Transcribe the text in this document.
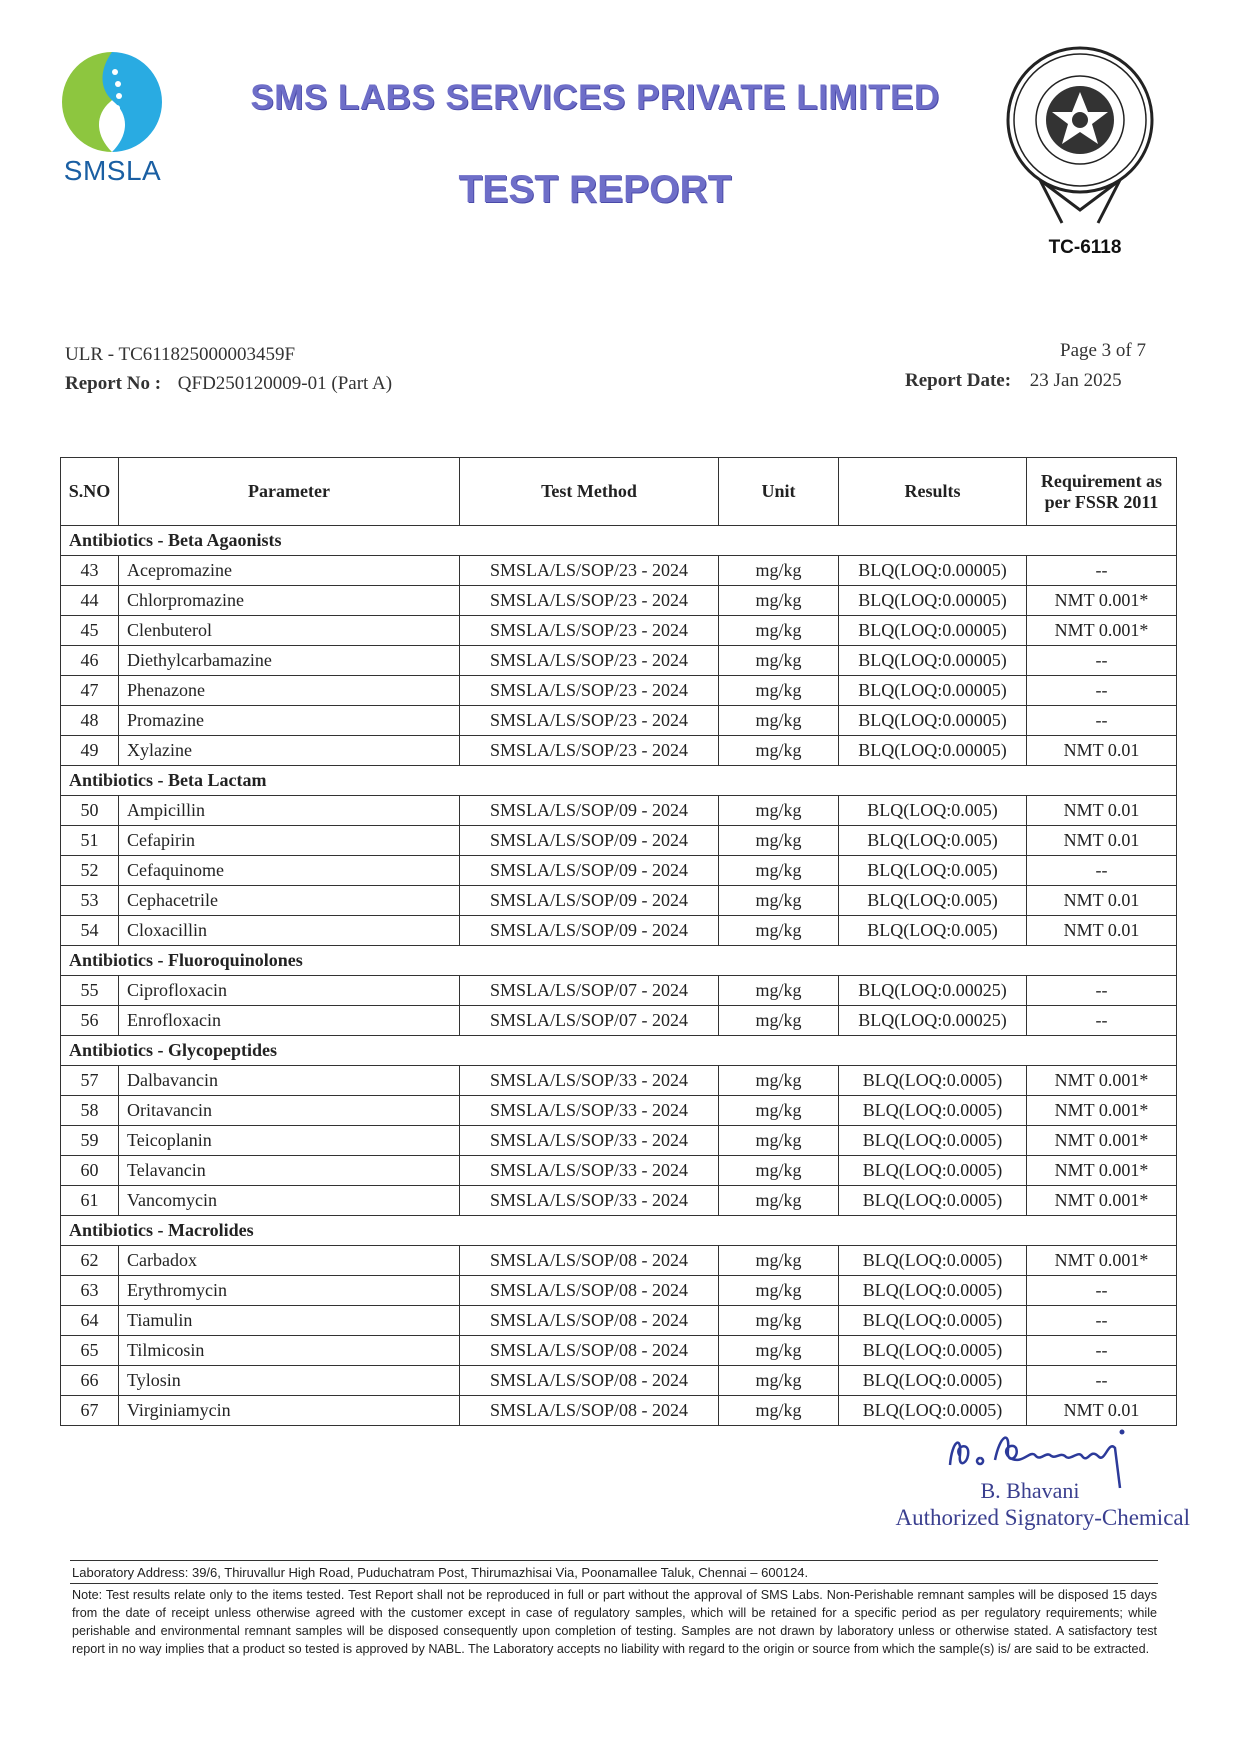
SMSLA
SMS LABS SERVICES PRIVATE LIMITED
TEST REPORT
TC-6118
ULR - TC611825000003459F
Report No : QFD250120009-01 (Part A)
Page 3 of 7
Report Date: 23 Jan 2025
S.NO	Parameter	Test Method	Unit	Results	Requirement as per FSSR 2011
Antibiotics - Beta Agaonists					
43	Acepromazine	SMSLA/LS/SOP/23 - 2024	mg/kg	BLQ(LOQ:0.00005)	--
44	Chlorpromazine	SMSLA/LS/SOP/23 - 2024	mg/kg	BLQ(LOQ:0.00005)	NMT 0.001*
45	Clenbuterol	SMSLA/LS/SOP/23 - 2024	mg/kg	BLQ(LOQ:0.00005)	NMT 0.001*
46	Diethylcarbamazine	SMSLA/LS/SOP/23 - 2024	mg/kg	BLQ(LOQ:0.00005)	--
47	Phenazone	SMSLA/LS/SOP/23 - 2024	mg/kg	BLQ(LOQ:0.00005)	--
48	Promazine	SMSLA/LS/SOP/23 - 2024	mg/kg	BLQ(LOQ:0.00005)	--
49	Xylazine	SMSLA/LS/SOP/23 - 2024	mg/kg	BLQ(LOQ:0.00005)	NMT 0.01
Antibiotics - Beta Lactam					
50	Ampicillin	SMSLA/LS/SOP/09 - 2024	mg/kg	BLQ(LOQ:0.005)	NMT 0.01
51	Cefapirin	SMSLA/LS/SOP/09 - 2024	mg/kg	BLQ(LOQ:0.005)	NMT 0.01
52	Cefaquinome	SMSLA/LS/SOP/09 - 2024	mg/kg	BLQ(LOQ:0.005)	--
53	Cephacetrile	SMSLA/LS/SOP/09 - 2024	mg/kg	BLQ(LOQ:0.005)	NMT 0.01
54	Cloxacillin	SMSLA/LS/SOP/09 - 2024	mg/kg	BLQ(LOQ:0.005)	NMT 0.01
Antibiotics - Fluoroquinolones					
55	Ciprofloxacin	SMSLA/LS/SOP/07 - 2024	mg/kg	BLQ(LOQ:0.00025)	--
56	Enrofloxacin	SMSLA/LS/SOP/07 - 2024	mg/kg	BLQ(LOQ:0.00025)	--
Antibiotics - Glycopeptides					
57	Dalbavancin	SMSLA/LS/SOP/33 - 2024	mg/kg	BLQ(LOQ:0.0005)	NMT 0.001*
58	Oritavancin	SMSLA/LS/SOP/33 - 2024	mg/kg	BLQ(LOQ:0.0005)	NMT 0.001*
59	Teicoplanin	SMSLA/LS/SOP/33 - 2024	mg/kg	BLQ(LOQ:0.0005)	NMT 0.001*
60	Telavancin	SMSLA/LS/SOP/33 - 2024	mg/kg	BLQ(LOQ:0.0005)	NMT 0.001*
61	Vancomycin	SMSLA/LS/SOP/33 - 2024	mg/kg	BLQ(LOQ:0.0005)	NMT 0.001*
Antibiotics - Macrolides					
62	Carbadox	SMSLA/LS/SOP/08 - 2024	mg/kg	BLQ(LOQ:0.0005)	NMT 0.001*
63	Erythromycin	SMSLA/LS/SOP/08 - 2024	mg/kg	BLQ(LOQ:0.0005)	--
64	Tiamulin	SMSLA/LS/SOP/08 - 2024	mg/kg	BLQ(LOQ:0.0005)	--
65	Tilmicosin	SMSLA/LS/SOP/08 - 2024	mg/kg	BLQ(LOQ:0.0005)	--
66	Tylosin	SMSLA/LS/SOP/08 - 2024	mg/kg	BLQ(LOQ:0.0005)	--
67	Virginiamycin	SMSLA/LS/SOP/08 - 2024	mg/kg	BLQ(LOQ:0.0005)	NMT 0.01
B. Bhavani
Authorized Signatory-Chemical
Laboratory Address: 39/6, Thiruvallur High Road, Puduchatram Post, Thirumazhisai Via, Poonamallee Taluk, Chennai – 600124.
Note: Test results relate only to the items tested. Test Report shall not be reproduced in full or part without the approval of SMS Labs. Non-Perishable remnant samples will be disposed 15 days from the date of receipt unless otherwise agreed with the customer except in case of regulatory samples, which will be retained for a specific period as per regulatory requirements; while perishable and environmental remnant samples will be disposed consequently upon completion of testing. Samples are not drawn by laboratory unless or otherwise stated. A satisfactory test report in no way implies that a product so tested is approved by NABL. The Laboratory accepts no liability with regard to the origin or source from which the sample(s) is/ are said to be extracted.
